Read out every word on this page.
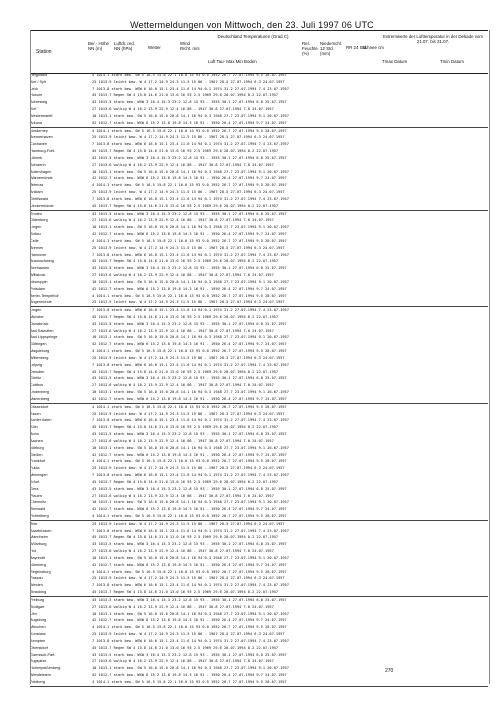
Wettermeldungen von Mittwoch, den 23. Juli 1997 06 UTC
Station
Ber.- Höhe NN (m)
Luftdr. red. NN (hPa)	Wetter
Wind Richt. m/s
Deutschland Temperaturen (Grad C)
Luft Tau- Max Min Boden
Rel. Feuchte (%)
Niederschl. 12 Std. (mm)
RR 24 Std.
Schnee cm
Extremwerte der Lufttemperatur in der Dekade vom 21.07. bis 31.07.
Tmax Datum	Tmin Datum
Helgoland	4 1014.1 stark bew. SW 5 16.5 15.8 22.1 16.0 15 93 0.0 1952 26.7 27.07.1994 9.5 28.07.1957
Kiel / Sylt	25 1013.9 leicht bew. W 4 17.2 14.9 24.3 11.5 15 86 - 1967 28.5 27.07.1994 6.3 24.07.1957
Leck	7 1013.8 stark bew. WSW 6 16.0 15.1 23.4 11.6 14 94 0.1 1974 31.2 27.07.1994 7.4 23.07.1957
Husum	45 1013.7 Regen SW 4 15.8 14.6 21.0 13.0 16 93 2.5 1969 29.6 28.07.1994 8.2 22.07.1957
Schleswig	43 1013.5 stark bew. WSW 3 16.4 15.3 23.2 12.8 15 93 - 1955 30.1 27.07.1994 6.8 25.07.1957
Kiel	27 1013.6 wolkig W 4 16.2 13.9 22.9 12.4 16 86 - 1947 30.8 27.07.1994 7.0 24.07.1957
Westermarkfl.	10 1013.1 stark bew. SW 5 16.0 15.0 20.8 14.1 16 94 0.3 1948 27.7 23.07.1994 9.1 20.07.1957
Arkona	42 1012.7 stark bew. WSW 6 15.2 13.8 19.8 14.3 16 91 - 1950 26.4 27.07.1994 9.7 24.07.1957
Norderney	4 1014.1 stark bew. SW 5 16.5 15.8 22.1 16.0 15 93 0.0 1952 26.7 27.07.1994 9.5 28.07.1957
Bremerhaven	25 1013.9 leicht bew. W 4 17.2 14.9 24.3 11.5 15 86 - 1967 28.5 27.07.1994 6.3 24.07.1957
Cuxhaven	7 1013.8 stark bew. WSW 6 16.0 15.1 23.4 11.6 14 94 0.1 1974 31.2 27.07.1994 7.4 23.07.1957
Hamburg-Fuhl.	45 1013.7 Regen SW 4 15.8 14.6 21.0 13.0 16 93 2.5 1969 29.6 28.07.1994 8.2 22.07.1957
Lübeck	43 1013.5 stark bew. WSW 3 16.4 15.3 23.2 12.8 15 93 - 1955 30.1 27.07.1994 6.8 25.07.1957
Schwerin	27 1013.6 wolkig W 4 16.2 13.9 22.9 12.4 16 86 - 1947 30.8 27.07.1994 7.0 24.07.1957
Boltenhagen	10 1013.1 stark bew. SW 5 16.0 15.0 20.8 14.1 16 94 0.3 1948 27.7 23.07.1994 9.1 20.07.1957
Warnemünde	42 1012.7 stark bew. WSW 6 15.2 13.8 19.8 14.3 16 91 - 1950 26.4 27.07.1994 9.7 24.07.1957
Teterow	4 1014.1 stark bew. SW 5 16.5 15.8 22.1 16.0 15 93 0.0 1952 26.7 27.07.1994 9.5 28.07.1957
Anklam	25 1013.9 leicht bew. W 4 17.2 14.9 24.3 11.5 15 86 - 1967 28.5 27.07.1994 6.3 24.07.1957
Greifswald	7 1013.8 stark bew. WSW 6 16.0 15.1 23.4 11.6 14 94 0.1 1974 31.2 27.07.1994 7.4 23.07.1957
Ueckermünde	45 1013.7 Regen SW 4 15.8 14.6 21.0 13.0 16 93 2.5 1969 29.6 28.07.1994 8.2 22.07.1957
Emden	43 1013.5 stark bew. WSW 3 16.4 15.3 23.2 12.8 15 93 - 1955 30.1 27.07.1994 6.8 25.07.1957
Oldenburg	27 1013.6 wolkig W 4 16.2 13.9 22.9 12.4 16 86 - 1947 30.8 27.07.1994 7.0 24.07.1957
Lingen	10 1013.1 stark bew. SW 5 16.0 15.0 20.8 14.1 16 94 0.3 1948 27.7 23.07.1994 9.1 20.07.1957
Soltau	42 1012.7 stark bew. WSW 6 15.2 13.8 19.8 14.3 16 91 - 1950 26.4 27.07.1994 9.7 24.07.1957
Celle	4 1014.1 stark bew. SW 5 16.5 15.8 22.1 16.0 15 93 0.0 1952 26.7 27.07.1994 9.5 28.07.1957
Bremen	25 1013.9 leicht bew. W 4 17.2 14.9 24.3 11.5 15 86 - 1967 28.5 27.07.1994 6.3 24.07.1957
Hannover	7 1013.8 stark bew. WSW 6 16.0 15.1 23.4 11.6 14 94 0.1 1974 31.2 27.07.1994 7.4 23.07.1957
Braunschweig	45 1013.7 Regen SW 4 15.8 14.6 21.0 13.0 16 93 2.5 1969 29.6 28.07.1994 8.2 22.07.1957
Seehausen	43 1013.5 stark bew. WSW 3 16.4 15.3 23.2 12.8 15 93 - 1955 30.1 27.07.1994 6.8 25.07.1957
Wittstock	27 1013.6 wolkig W 4 16.2 13.9 22.9 12.4 16 86 - 1947 30.8 27.07.1994 7.0 24.07.1957
Neuruppin	10 1013.1 stark bew. SW 5 16.0 15.0 20.8 14.1 16 94 0.3 1948 27.7 23.07.1994 9.1 20.07.1957
Potsdam	42 1012.7 stark bew. WSW 6 15.2 13.8 19.8 14.3 16 91 - 1950 26.4 27.07.1994 9.7 24.07.1957
Berlin-Tempelhof	4 1014.1 stark bew. SW 5 16.5 15.8 22.1 16.0 15 93 0.0 1952 26.7 27.07.1994 9.5 28.07.1957
Angermünde	25 1013.9 leicht bew. W 4 17.2 14.9 24.3 11.5 15 86 - 1967 28.5 27.07.1994 6.3 24.07.1957
Lingen	7 1013.8 stark bew. WSW 6 16.0 15.1 23.4 11.6 14 94 0.1 1974 31.2 27.07.1994 7.4 23.07.1957
Münster	45 1013.7 Regen SW 4 15.8 14.6 21.0 13.0 16 93 2.5 1969 29.6 28.07.1994 8.2 22.07.1957
Osnabrück	43 1013.5 stark bew. WSW 3 16.4 15.3 23.2 12.8 15 93 - 1955 30.1 27.07.1994 6.8 25.07.1957
Bad Salzuflen	27 1013.6 wolkig W 4 16.2 13.9 22.9 12.4 16 86 - 1947 30.8 27.07.1994 7.0 24.07.1957
Bad Lippspringe	10 1013.1 stark bew. SW 5 16.0 15.0 20.8 14.1 16 94 0.3 1948 27.7 23.07.1994 9.1 20.07.1957
Göttingen	42 1012.7 stark bew. WSW 6 15.2 13.8 19.8 14.3 16 91 - 1950 26.4 27.07.1994 9.7 24.07.1957
Magdeburg	4 1014.1 stark bew. SW 5 16.5 15.8 22.1 16.0 15 93 0.0 1952 26.7 27.07.1994 9.5 28.07.1957
Wittenberg	25 1013.9 leicht bew. W 4 17.2 14.9 24.3 11.5 15 86 - 1967 28.5 27.07.1994 6.3 24.07.1957
Leipzig	7 1013.8 stark bew. WSW 6 16.0 15.1 23.4 11.6 14 94 0.1 1974 31.2 27.07.1994 7.4 23.07.1957
Dresden	45 1013.7 Regen SW 4 15.8 14.6 21.0 13.0 16 93 2.5 1969 29.6 28.07.1994 8.2 22.07.1957
Görlitz	43 1013.5 stark bew. WSW 3 16.4 15.3 23.2 12.8 15 93 - 1955 30.1 27.07.1994 6.8 25.07.1957
Cottbus	27 1013.6 wolkig W 4 16.2 13.9 22.9 12.4 16 86 - 1947 30.8 27.07.1994 7.0 24.07.1957
Lindenberg	10 1013.1 stark bew. SW 5 16.0 15.0 20.8 14.1 16 94 0.3 1948 27.7 23.07.1994 9.1 20.07.1957
Marienberg	42 1012.7 stark bew. WSW 6 15.2 13.8 19.8 14.3 16 91 - 1950 26.4 27.07.1994 9.7 24.07.1957
Düsseldorf	4 1014.1 stark bew. SW 5 16.5 15.8 22.1 16.0 15 93 0.0 1952 26.7 27.07.1994 9.5 28.07.1957
Essen	25 1013.9 leicht bew. W 4 17.2 14.9 24.3 11.5 15 86 - 1967 28.5 27.07.1994 6.3 24.07.1957
Kahler Asten	7 1013.8 stark bew. WSW 6 16.0 15.1 23.4 11.6 14 94 0.1 1974 31.2 27.07.1994 7.4 23.07.1957
Köln	45 1013.7 Regen SW 4 15.8 14.6 21.0 13.0 16 93 2.5 1969 29.6 28.07.1994 8.2 22.07.1957
Bonn	43 1013.5 stark bew. WSW 3 16.4 15.3 23.2 12.8 15 93 - 1955 30.1 27.07.1994 6.8 25.07.1957
Aachen	27 1013.6 wolkig W 4 16.2 13.9 22.9 12.4 16 86 - 1947 30.8 27.07.1994 7.0 24.07.1957
Nürburg	10 1013.1 stark bew. SW 5 16.0 15.0 20.8 14.1 16 94 0.3 1948 27.7 23.07.1994 9.1 20.07.1957
Gießen	42 1012.7 stark bew. WSW 6 15.2 13.8 19.8 14.3 16 91 - 1950 26.4 27.07.1994 9.7 24.07.1957
Frankfurt	4 1014.1 stark bew. SW 5 16.5 15.8 22.1 16.0 15 93 0.0 1952 26.7 27.07.1994 9.5 28.07.1957
Fulda	25 1013.9 leicht bew. W 4 17.2 14.9 24.3 11.5 15 86 - 1967 28.5 27.07.1994 6.3 24.07.1957
Meiningen	7 1013.8 stark bew. WSW 6 16.0 15.1 23.4 11.6 14 94 0.1 1974 31.2 27.07.1994 7.4 23.07.1957
Erfurt	45 1013.7 Regen SW 4 15.8 14.6 21.0 13.0 16 93 2.5 1969 29.6 28.07.1994 8.2 22.07.1957
Gera	43 1013.5 stark bew. WSW 3 16.4 15.3 23.2 12.8 15 93 - 1955 30.1 27.07.1994 6.8 25.07.1957
Plauen	27 1013.6 wolkig W 4 16.2 13.9 22.9 12.4 16 86 - 1947 30.8 27.07.1994 7.0 24.07.1957
Chemnitz	10 1013.1 stark bew. SW 5 16.0 15.0 20.8 14.1 16 94 0.3 1948 27.7 23.07.1994 9.1 20.07.1957
Zinnwald	42 1012.7 stark bew. WSW 6 15.2 13.8 19.8 14.3 16 91 - 1950 26.4 27.07.1994 9.7 24.07.1957
Fichtelberg	4 1014.1 stark bew. SW 5 16.5 15.8 22.1 16.0 15 93 0.0 1952 26.7 27.07.1994 9.5 28.07.1957
Trier	25 1013.9 leicht bew. W 4 17.2 14.9 24.3 11.5 15 86 - 1967 28.5 27.07.1994 6.3 24.07.1957
Saarbrücken	7 1013.8 stark bew. WSW 6 16.0 15.1 23.4 11.6 14 94 0.1 1974 31.2 27.07.1994 7.4 23.07.1957
Mannheim	45 1013.7 Regen SW 4 15.8 14.6 21.0 13.0 16 93 2.5 1969 29.6 28.07.1994 8.2 22.07.1957
Würzburg	43 1013.5 stark bew. WSW 3 16.4 15.3 23.2 12.8 15 93 - 1955 30.1 27.07.1994 6.8 25.07.1957
Hof	27 1013.6 wolkig W 4 16.2 13.9 22.9 12.4 16 86 - 1947 30.8 27.07.1994 7.0 24.07.1957
Bayreuth	10 1013.1 stark bew. SW 5 16.0 15.0 20.8 14.1 16 94 0.3 1948 27.7 23.07.1994 9.1 20.07.1957
Nürnberg	42 1012.7 stark bew. WSW 6 15.2 13.8 19.8 14.3 16 91 - 1950 26.4 27.07.1994 9.7 24.07.1957
Regensburg	4 1014.1 stark bew. SW 5 16.5 15.8 22.1 16.0 15 93 0.0 1952 26.7 27.07.1994 9.5 28.07.1957
Passau	25 1013.9 leicht bew. W 4 17.2 14.9 24.3 11.5 15 86 - 1967 28.5 27.07.1994 6.3 24.07.1957
Weiden	7 1013.8 stark bew. WSW 6 16.0 15.1 23.4 11.6 14 94 0.1 1974 31.2 27.07.1994 7.4 23.07.1957
Straubing	45 1013.7 Regen SW 4 15.8 14.6 21.0 13.0 16 93 2.5 1969 29.6 28.07.1994 8.2 22.07.1957
Freiburg	43 1013.5 stark bew. WSW 3 16.4 15.3 23.2 12.8 15 93 - 1955 30.1 27.07.1994 6.8 25.07.1957
Stuttgart	27 1013.6 wolkig W 4 16.2 13.9 22.9 12.4 16 86 - 1947 30.8 27.07.1994 7.0 24.07.1957
Ulm	10 1013.1 stark bew. SW 5 16.0 15.0 20.8 14.1 16 94 0.3 1948 27.7 23.07.1994 9.1 20.07.1957
Augsburg	42 1012.7 stark bew. WSW 6 15.2 13.8 19.8 14.3 16 91 - 1950 26.4 27.07.1994 9.7 24.07.1957
München	4 1014.1 stark bew. SW 5 16.5 15.8 22.1 16.0 15 93 0.0 1952 26.7 27.07.1994 9.5 28.07.1957
Konstanz	25 1013.9 leicht bew. W 4 17.2 14.9 24.3 11.5 15 86 - 1967 28.5 27.07.1994 6.3 24.07.1957
Kempten	7 1013.8 stark bew. WSW 6 16.0 15.1 23.4 11.6 14 94 0.1 1974 31.2 27.07.1994 7.4 23.07.1957
Oberstdorf	45 1013.7 Regen SW 4 15.8 14.6 21.0 13.0 16 93 2.5 1969 29.6 28.07.1994 8.2 22.07.1957
Garmisch-Part.	43 1013.5 stark bew. WSW 3 16.4 15.3 23.2 12.8 15 93 - 1955 30.1 27.07.1994 6.8 25.07.1957
Zugspitze	27 1013.6 wolkig W 4 16.2 13.9 22.9 12.4 16 86 - 1947 30.8 27.07.1994 7.0 24.07.1957
Hohenpeißenberg	10 1013.1 stark bew. SW 5 16.0 15.0 20.8 14.1 16 94 0.3 1948 27.7 23.07.1994 9.1 20.07.1957
Wendelstein	42 1012.7 stark bew. WSW 6 15.2 13.8 19.8 14.3 16 91 - 1950 26.4 27.07.1994 9.7 24.07.1957
Feldberg	4 1014.1 stark bew. SW 5 16.5 15.8 22.1 16.0 15 93 0.0 1952 26.7 27.07.1994 9.5 28.07.1957
270
